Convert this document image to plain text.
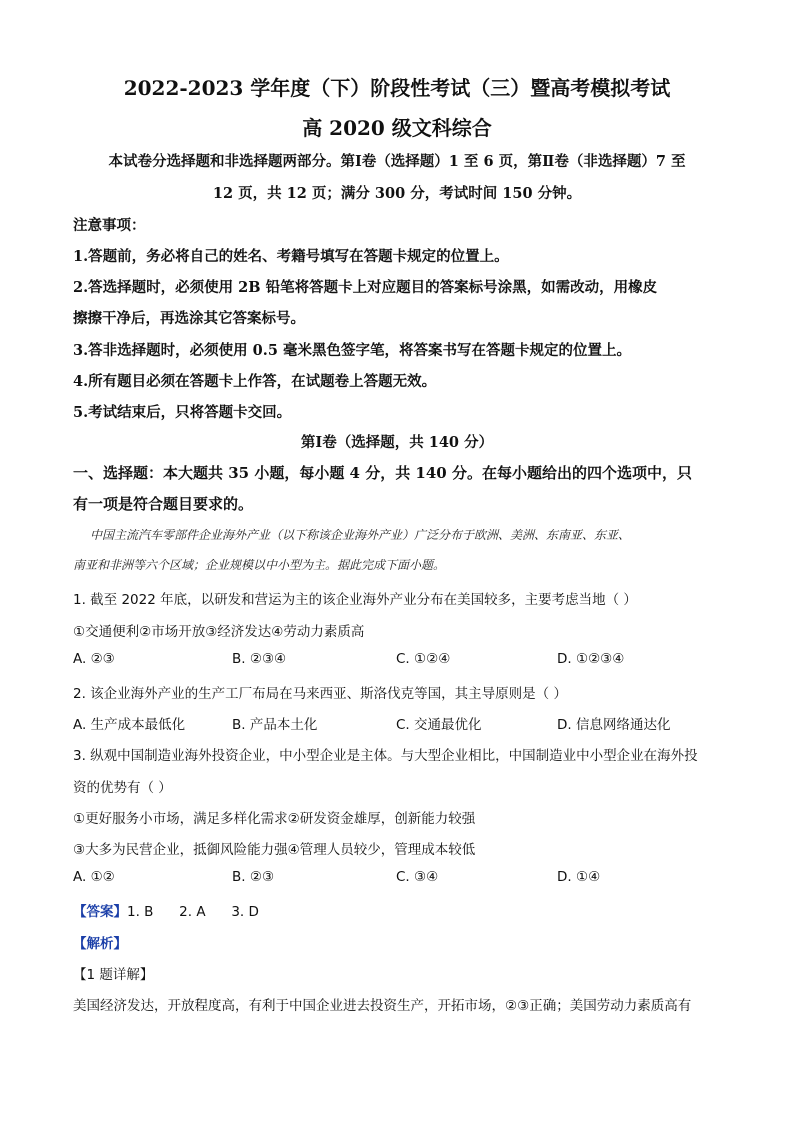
2022-2023 学年度（下）阶段性考试（三）暨高考模拟考试
高 2020 级文科综合
本试卷分选择题和非选择题两部分。第Ⅰ卷（选择题）1 至 6 页，第Ⅱ卷（非选择题）7 至
12 页，共 12 页；满分 300 分，考试时间 150 分钟。
注意事项：
1.答题前，务必将自己的姓名、考籍号填写在答题卡规定的位置上。
2.答选择题时，必须使用 2B 铅笔将答题卡上对应题目的答案标号涂黑，如需改动，用橡皮
擦擦干净后，再选涂其它答案标号。
3.答非选择题时，必须使用 0.5 毫米黑色签字笔，将答案书写在答题卡规定的位置上。
4.所有题目必须在答题卡上作答，在试题卷上答题无效。
5.考试结束后，只将答题卡交回。
第Ⅰ卷（选择题，共 140 分）
一、选择题：本大题共 35 小题，每小题 4 分，共 140 分。在每小题给出的四个选项中，只
有一项是符合题目要求的。
中国主流汽车零部件企业海外产业（以下称该企业海外产业）广泛分布于欧洲、美洲、东南亚、东亚、
南亚和非洲等六个区域；企业规模以中小型为主。据此完成下面小题。
1. 截至 2022 年底，以研发和营运为主的该企业海外产业分布在美国较多，主要考虑当地（ ）
①交通便利②市场开放③经济发达④劳动力素质高
A. ②③	B. ②③④	C. ①②④	D. ①②③④
2. 该企业海外产业的生产工厂布局在马来西亚、斯洛伐克等国，其主导原则是（ ）
A. 生产成本最低化	B. 产品本土化	C. 交通最优化	D. 信息网络通达化
3. 纵观中国制造业海外投资企业，中小型企业是主体。与大型企业相比，中国制造业中小型企业在海外投
资的优势有（ ）
①更好服务小市场，满足多样化需求②研发资金雄厚，创新能力较强
③大多为民营企业，抵御风险能力强④管理人员较少，管理成本较低
A. ①②	B. ②③	C. ③④	D. ①④
【答案】1. B      2. A      3. D
【解析】
【1 题详解】
美国经济发达，开放程度高，有利于中国企业进去投资生产，开拓市场，②③正确；美国劳动力素质高有
